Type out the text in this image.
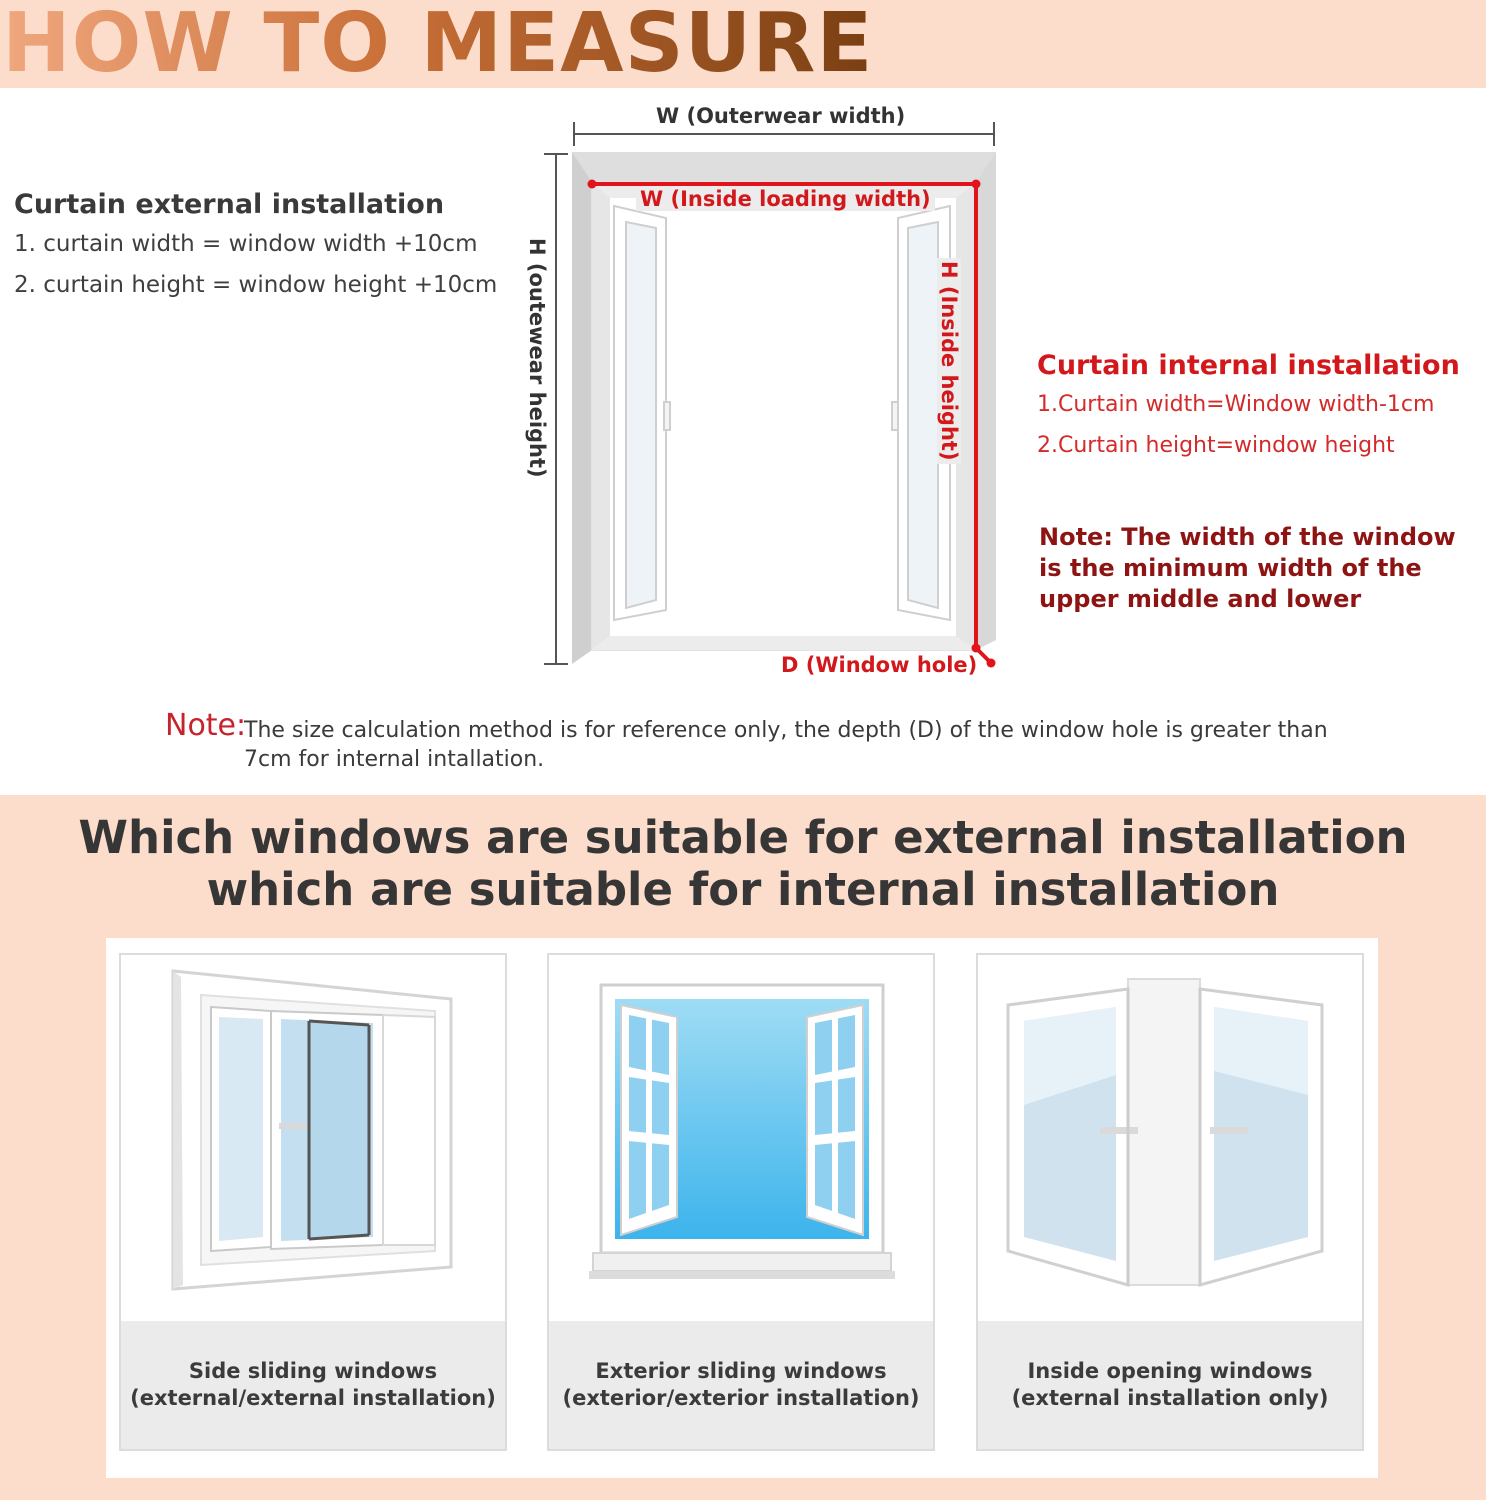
HOW TO MEASURE
Curtain external installation
1. curtain width = window width +10cm
2. curtain height = window height +10cm
W (Outerwear width)
W (Inside loading width)
H (outewear height)	H (Inside height)
D (Window hole)
Curtain internal installation
1.Curtain width=Window width-1cm
2.Curtain height=window height
Note: The width of the window is the minimum width of the upper middle and lower
Note:
The size calculation method is for reference only, the depth (D) of the window hole is greater than 7cm for internal intallation.
Which windows are suitable for external installation
which are suitable for internal installation
Side sliding windows
(external/external installation)
Exterior sliding windows
(exterior/exterior installation)
Inside opening windows
(external installation only)
